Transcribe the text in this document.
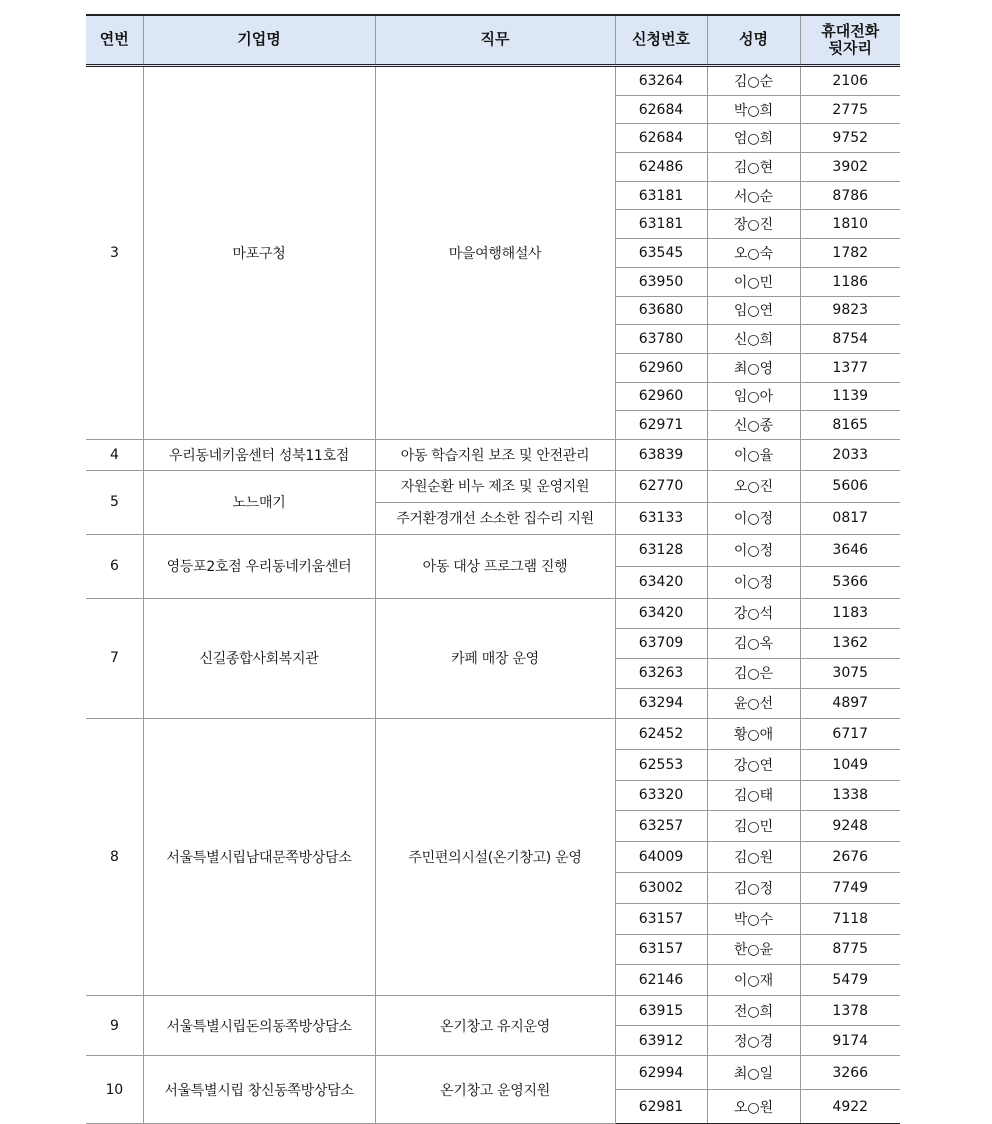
연번	기업명	직무	신청번호	성명	휴대전화
뒷자리
3	마포구청	마을여행해설사	63264	김○순	2106
			62684	박○희	2775
			62684	엄○희	9752
			62486	김○현	3902
			63181	서○순	8786
			63181	장○진	1810
			63545	오○숙	1782
			63950	이○민	1186
			63680	임○연	9823
			63780	신○희	8754
			62960	최○영	1377
			62960	임○아	1139
			62971	신○종	8165
4	우리동네키움센터 성북11호점	아동 학습지원 보조 및 안전관리	63839	이○율	2033
5	노느매기	자원순환 비누 제조 및 운영지원	62770	오○진	5606
		주거환경개선 소소한 집수리 지원	63133	이○정	0817
6	영등포2호점 우리동네키움센터	아동 대상 프로그램 진행	63128	이○정	3646
			63420	이○정	5366
7	신길종합사회복지관	카페 매장 운영	63420	강○석	1183
			63709	김○옥	1362
			63263	김○은	3075
			63294	윤○선	4897
8	서울특별시립남대문쪽방상담소	주민편의시설(온기창고) 운영	62452	황○애	6717
			62553	강○연	1049
			63320	김○태	1338
			63257	김○민	9248
			64009	김○원	2676
			63002	김○정	7749
			63157	박○수	7118
			63157	한○윤	8775
			62146	이○재	5479
9	서울특별시립돈의동쪽방상담소	온기창고 유지운영	63915	전○희	1378
			63912	정○경	9174
10	서울특별시립 창신동쪽방상담소	온기창고 운영지원	62994	최○일	3266
			62981	오○원	4922
